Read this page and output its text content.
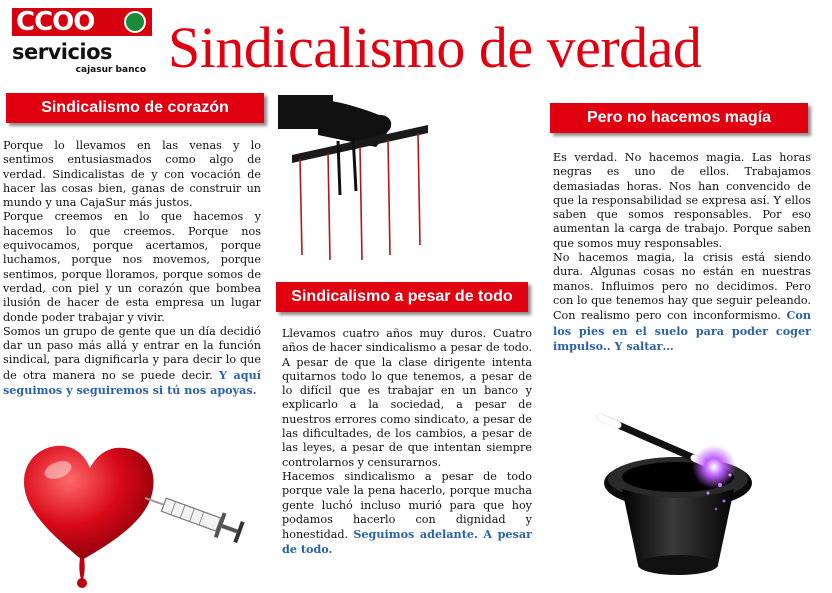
CCOO
servicios
cajasur banco Sindicalismo de verdad
Sindicalismo de corazón

Porque lo llevamos en las venas y lo sentimos entusiasmados como algo de verdad. Sindicalistas de y con vocación de hacer las cosas bien, ganas de construir un mundo y una CajaSur más justos.

Porque creemos en lo que hacemos y hacemos lo que creemos. Porque nos equivocamos, porque acertamos, porque luchamos, porque nos movemos, porque sentimos, porque lloramos, porque somos de verdad, con piel y un corazón que bombea ilusión de hacer de esta empresa un lugar donde poder trabajar y vivir.

Somos un grupo de gente que un día decidió dar un paso más allá y entrar en la función sindical, para dignificarla y para decir lo que de otra manera no se puede decir. Y aquí seguimos y seguiremos si tú nos apoyas.

Sindicalismo a pesar de todo

Llevamos cuatro años muy duros. Cuatro años de hacer sindicalismo a pesar de todo. A pesar de que la clase dirigente intenta quitarnos todo lo que tenemos, a pesar de lo difícil que es trabajar en un banco y explicarlo a la sociedad, a pesar de nuestros errores como sindicato, a pesar de las dificultades, de los cambios, a pesar de las leyes, a pesar de que intentan siempre controlarnos y censurarnos.

Hacemos sindicalismo a pesar de todo porque vale la pena hacerlo, porque mucha gente luchó incluso murió para que hoy podamos hacerlo con dignidad y honestidad. Seguimos adelante. A pesar de todo.

Pero no hacemos magía

Es verdad. No hacemos magia. Las horas negras es uno de ellos. Trabajamos demasiadas horas. Nos han convencido de que la responsabilidad se expresa así. Y ellos saben que somos responsables. Por eso aumentan la carga de trabajo. Porque saben que somos muy responsables.

No hacemos magia, la crisis está siendo dura. Algunas cosas no están en nuestras manos. Influimos pero no decidimos. Pero con lo que tenemos hay que seguir peleando. Con realismo pero con inconformismo. Con los pies en el suelo para poder coger impulso.. Y saltar…
